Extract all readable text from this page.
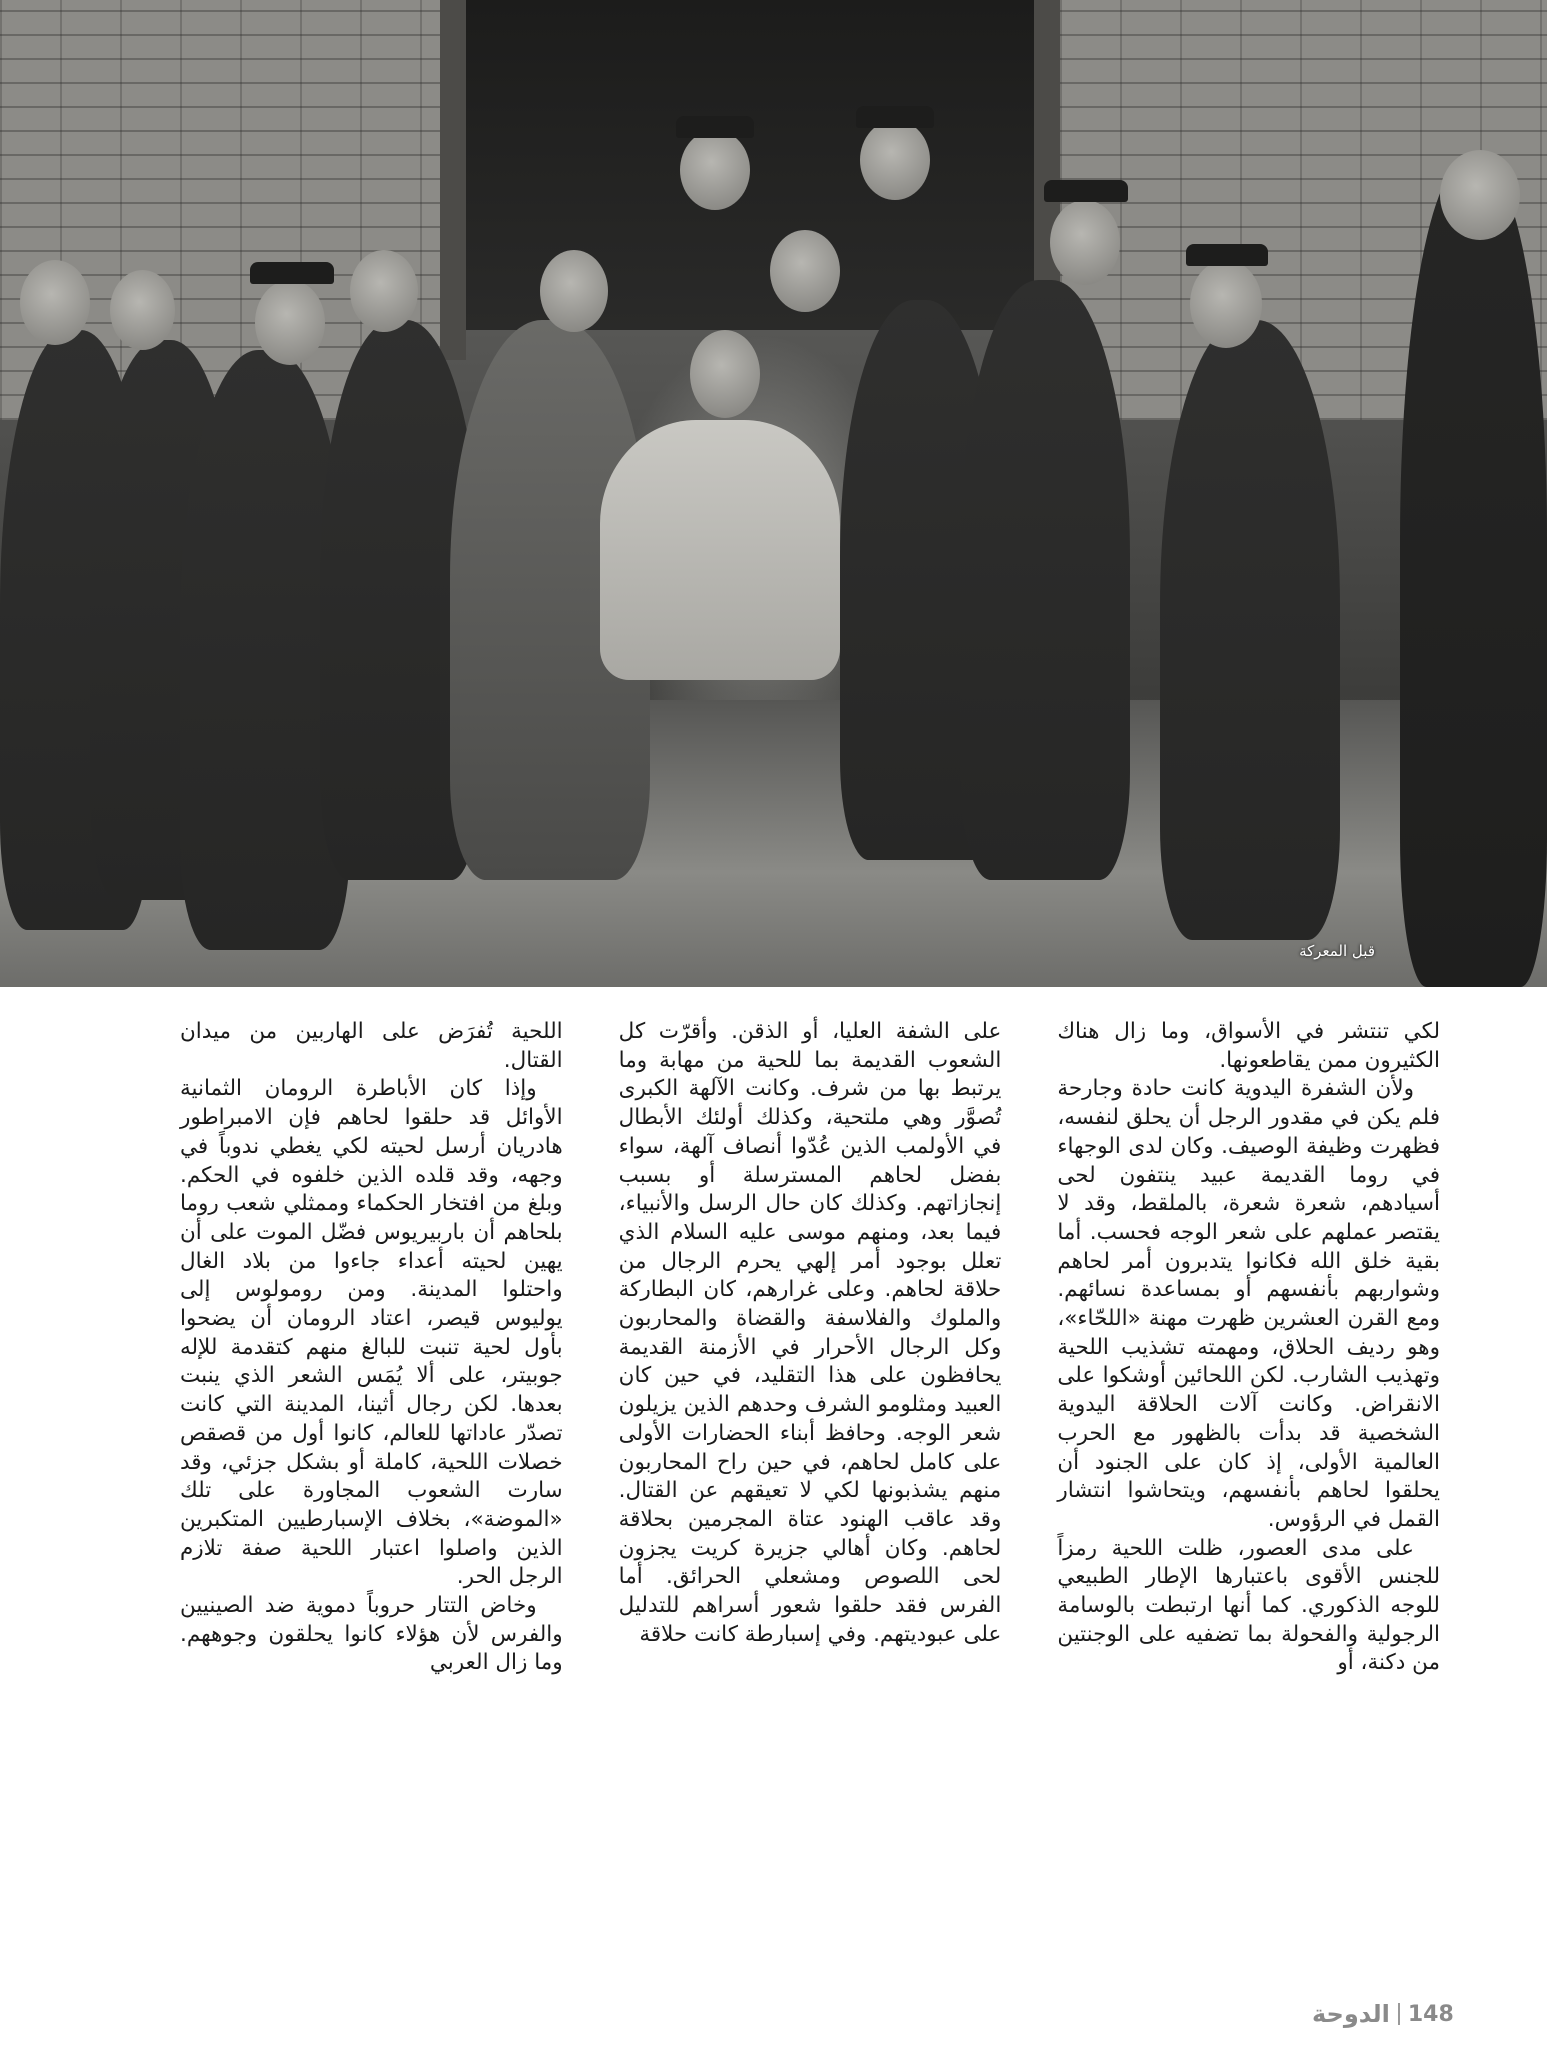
قبل المعركة

لكي تنتشر في الأسواق، وما زال هناك الكثيرون ممن يقاطعونها.

ولأن الشفرة اليدوية كانت حادة وجارحة فلم يكن في مقدور الرجل أن يحلق لنفسه، فظهرت وظيفة الوصيف. وكان لدى الوجهاء في روما القديمة عبيد ينتفون لحى أسيادهم، شعرة شعرة، بالملقط، وقد لا يقتصر عملهم على شعر الوجه فحسب. أما بقية خلق الله فكانوا يتدبرون أمر لحاهم وشواربهم بأنفسهم أو بمساعدة نسائهم. ومع القرن العشرين ظهرت مهنة «اللحّاء»، وهو رديف الحلاق، ومهمته تشذيب اللحية وتهذيب الشارب. لكن اللحائين أوشكوا على الانقراض. وكانت آلات الحلاقة اليدوية الشخصية قد بدأت بالظهور مع الحرب العالمية الأولى، إذ كان على الجنود أن يحلقوا لحاهم بأنفسهم، ويتحاشوا انتشار القمل في الرؤوس.

على مدى العصور، ظلت اللحية رمزاً للجنس الأقوى باعتبارها الإطار الطبيعي للوجه الذكوري. كما أنها ارتبطت بالوسامة الرجولية والفحولة بما تضفيه على الوجنتين من دكنة، أو

على الشفة العليا، أو الذقن. وأقرّت كل الشعوب القديمة بما للحية من مهابة وما يرتبط بها من شرف. وكانت الآلهة الكبرى تُصوَّر وهي ملتحية، وكذلك أولئك الأبطال في الأولمب الذين عُدّوا أنصاف آلهة، سواء بفضل لحاهم المسترسلة أو بسبب إنجازاتهم. وكذلك كان حال الرسل والأنبياء، فيما بعد، ومنهم موسى عليه السلام الذي تعلل بوجود أمر إلهي يحرم الرجال من حلاقة لحاهم. وعلى غرارهم، كان البطاركة والملوك والفلاسفة والقضاة والمحاربون وكل الرجال الأحرار في الأزمنة القديمة يحافظون على هذا التقليد، في حين كان العبيد ومثلومو الشرف وحدهم الذين يزيلون شعر الوجه. وحافظ أبناء الحضارات الأولى على كامل لحاهم، في حين راح المحاربون منهم يشذبونها لكي لا تعيقهم عن القتال. وقد عاقب الهنود عتاة المجرمين بحلاقة لحاهم. وكان أهالي جزيرة كريت يجزون لحى اللصوص ومشعلي الحرائق. أما الفرس فقد حلقوا شعور أسراهم للتدليل على عبوديتهم. وفي إسبارطة كانت حلاقة

اللحية تُفرَض على الهاربين من ميدان القتال.

وإذا كان الأباطرة الرومان الثمانية الأوائل قد حلقوا لحاهم فإن الامبراطور هادريان أرسل لحيته لكي يغطي ندوباً في وجهه، وقد قلده الذين خلفوه في الحكم. وبلغ من افتخار الحكماء وممثلي شعب روما بلحاهم أن باربيريوس فضّل الموت على أن يهين لحيته أعداء جاءوا من بلاد الغال واحتلوا المدينة. ومن رومولوس إلى يوليوس قيصر، اعتاد الرومان أن يضحوا بأول لحية تنبت للبالغ منهم كتقدمة للإله جوبيتر، على ألا يُمَس الشعر الذي ينبت بعدها. لكن رجال أثينا، المدينة التي كانت تصدّر عاداتها للعالم، كانوا أول من قصقص خصلات اللحية، كاملة أو بشكل جزئي، وقد سارت الشعوب المجاورة على تلك «الموضة»، بخلاف الإسبارطيين المتكبرين الذين واصلوا اعتبار اللحية صفة تلازم الرجل الحر.

وخاض التتار حروباً دموية ضد الصينيين والفرس لأن هؤلاء كانوا يحلقون وجوههم. وما زال العربي

الدوحة 148
